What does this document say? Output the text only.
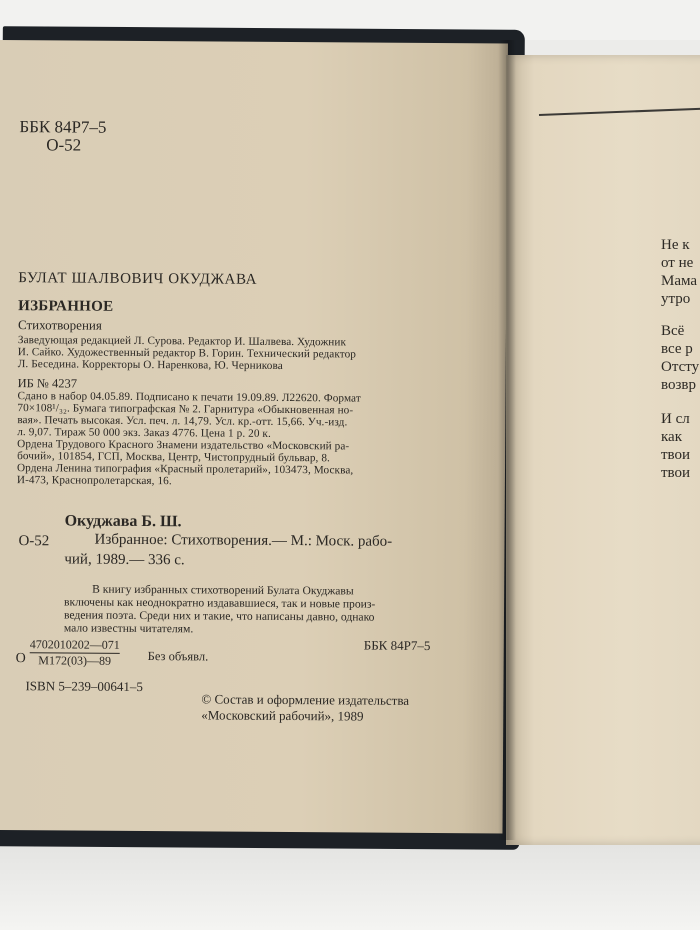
ББК 84Р7–5
О-52
БУЛАТ ШАЛВОВИЧ ОКУДЖАВА
ИЗБРАННОЕ
Стихотворения
Заведующая редакцией Л. Сурова. Редактор И. Шалвева. Художник
И. Сайко. Художественный редактор В. Горин. Технический редактор
Л. Беседина. Корректоры О. Наренкова, Ю. Черникова
ИБ № 4237
Сдано в набор 04.05.89. Подписано к печати 19.09.89. Л22620. Формат
70×108¹/₃₂. Бумага типографская № 2. Гарнитура «Обыкновенная но-
вая». Печать высокая. Усл. печ. л. 14,79. Усл. кр.-отт. 15,66. Уч.-изд.
л. 9,07. Тираж 50 000 экз. Заказ 4776. Цена 1 р. 20 к.
Ордена Трудового Красного Знамени издательство «Московский ра-
бочий», 101854, ГСП, Москва, Центр, Чистопрудный бульвар, 8.
Ордена Ленина типография «Красный пролетарий», 103473, Москва,
И-473, Краснопролетарская, 16.
Окуджава Б. Ш.
О-52	Избранное: Стихотворения.— М.: Моск. рабо-
чий, 1989.— 336 с.
В книгу избранных стихотворений Булата Окуджавы
включены как неоднократно издававшиеся, так и новые произ-
ведения поэта. Среди них и такие, что написаны давно, однако
мало известны читателям.
О
4702010202—071
М172(03)—89	Без объявл.
ББК 84Р7–5
ISBN 5–239–00641–5
© Состав и оформление издательства
«Московский рабочий», 1989
Не к
от не
Мама
утро
Всё
все р
Отсту
возвр
И сл
как
твои
твои
